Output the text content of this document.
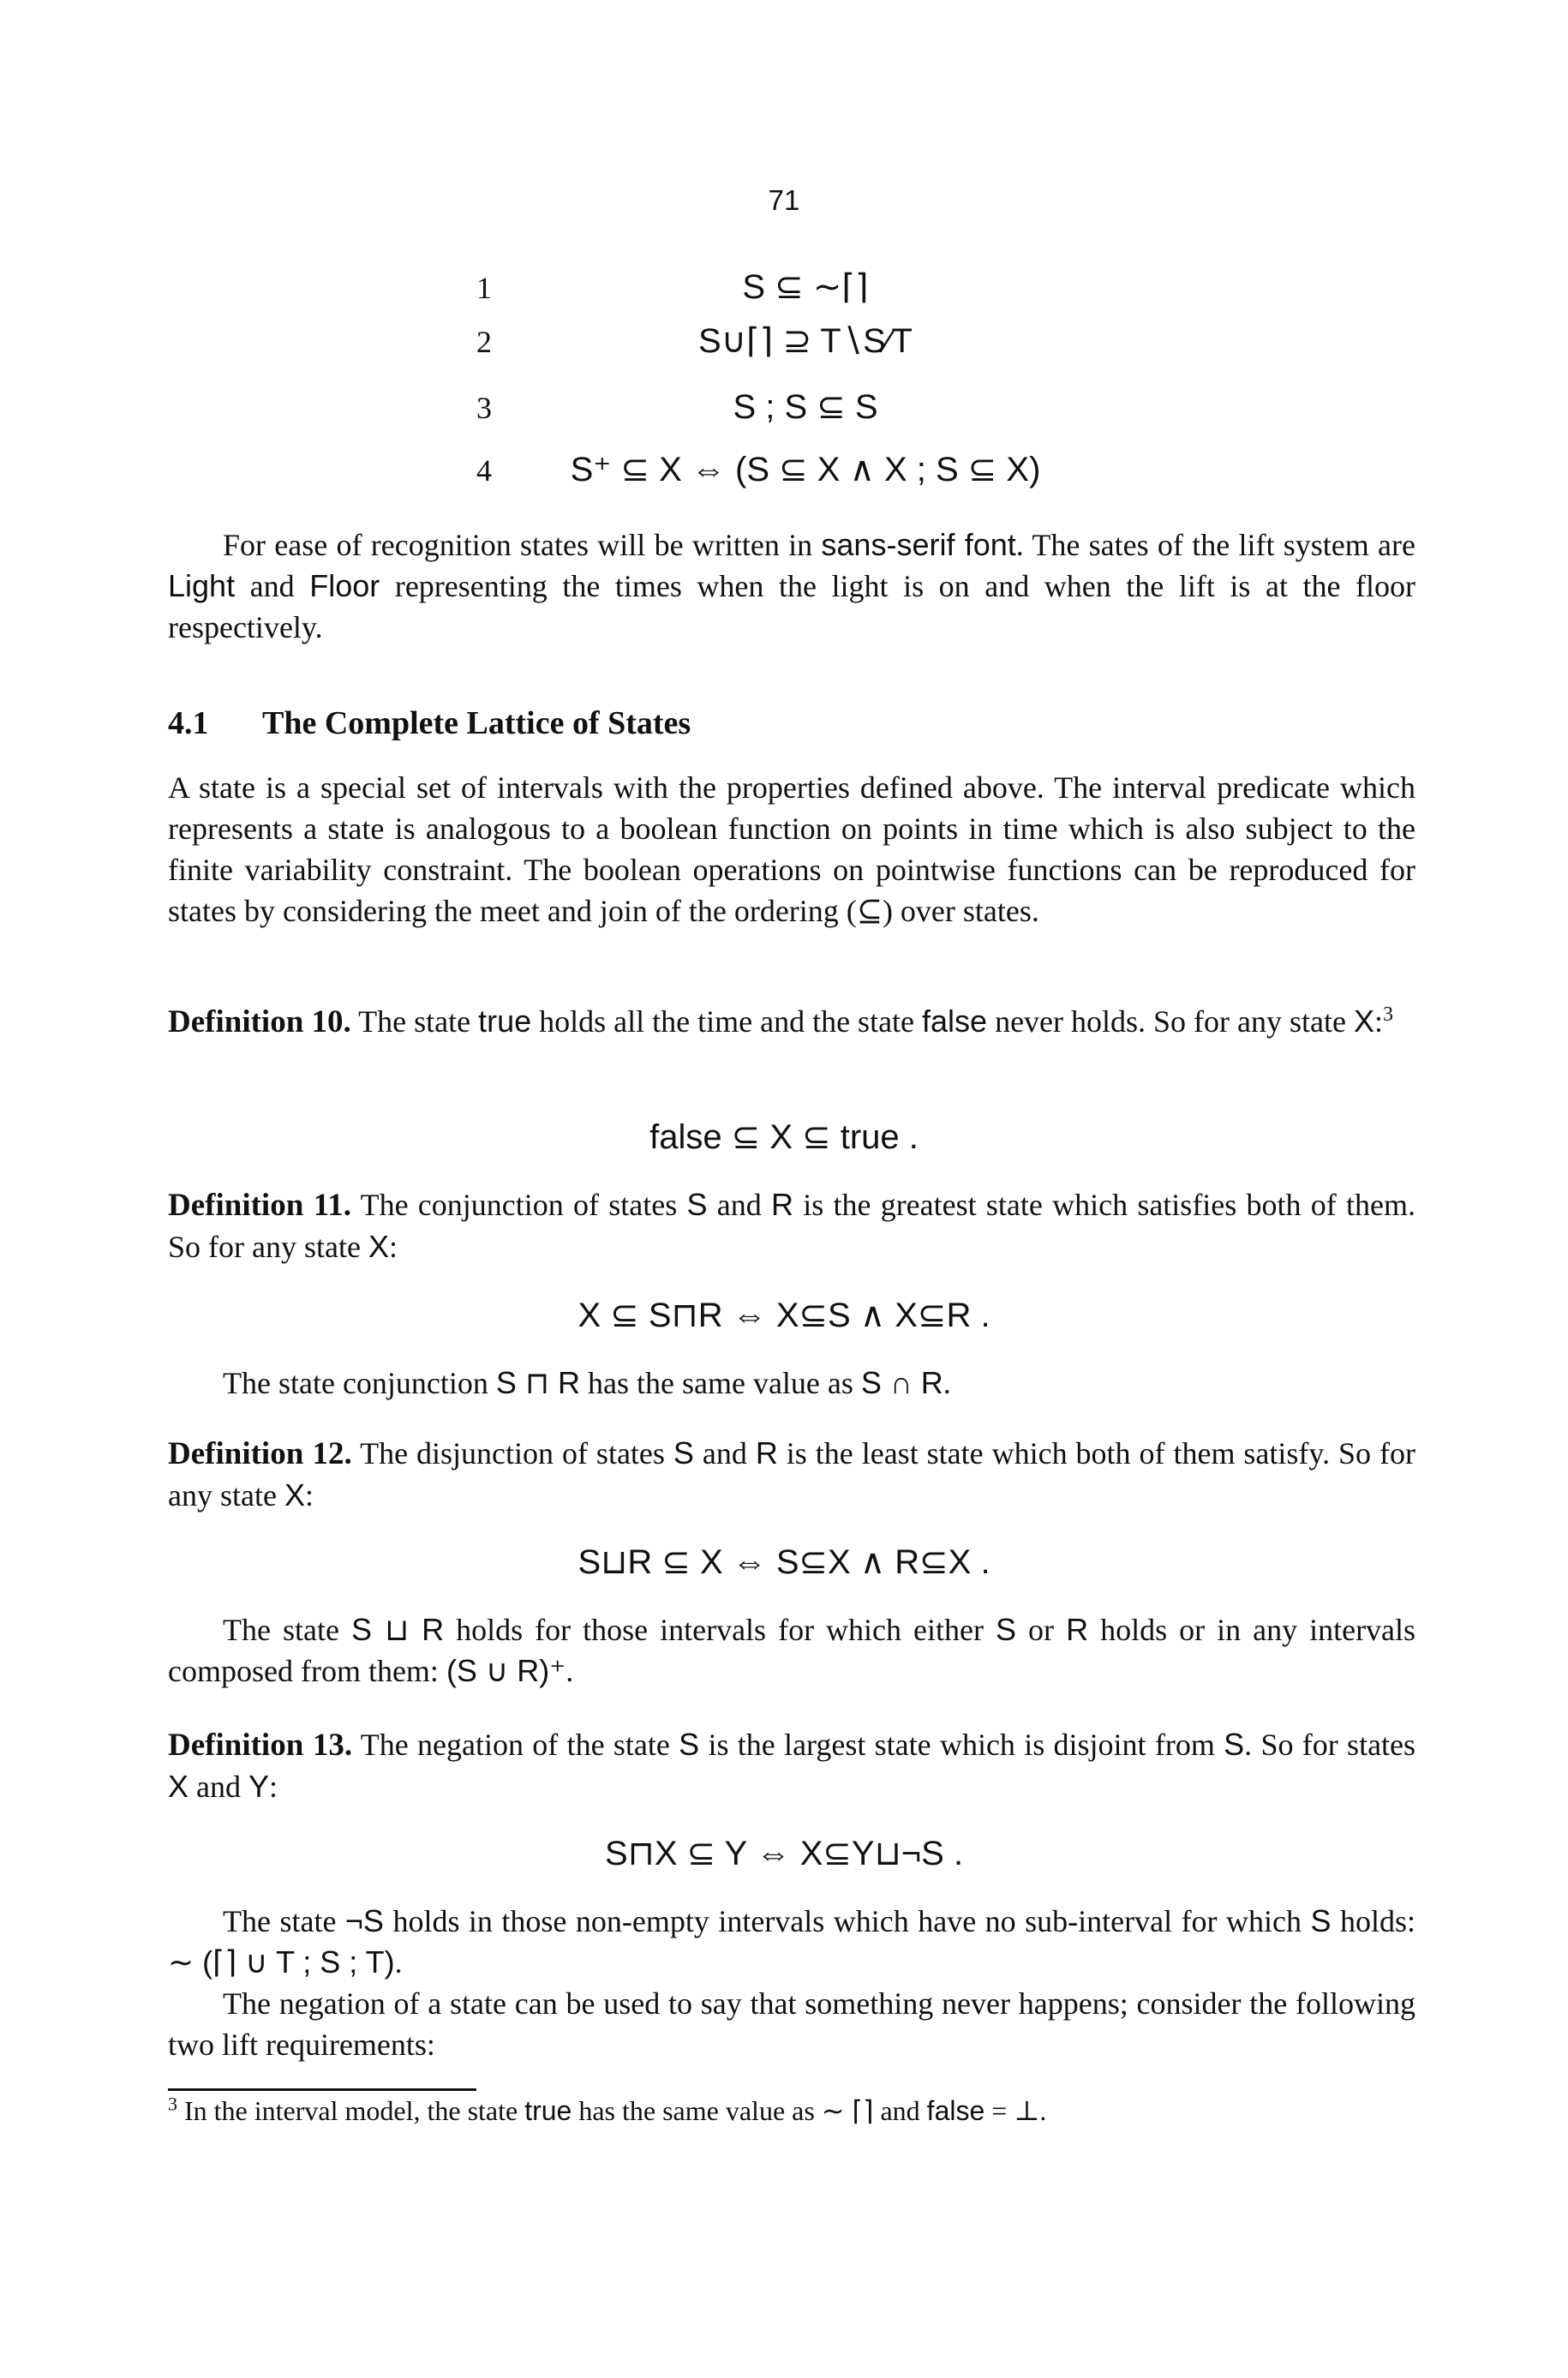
71
1	S ⊆ ∼⌈⌉
2	S∪⌈⌉ ⊇ T∖S∕T
3	S ; S ⊆ S
4	S⁺ ⊆ X ⇔ (S ⊆ X ∧ X ; S ⊆ X)
For ease of recognition states will be written in sans-serif font. The sates of the lift system are Light and Floor representing the times when the light is on and when the lift is at the floor respectively.
4.1 The Complete Lattice of States
A state is a special set of intervals with the properties defined above. The interval predicate which represents a state is analogous to a boolean function on points in time which is also subject to the finite variability constraint. The boolean operations on pointwise functions can be reproduced for states by considering the meet and join of the ordering (⊆) over states.
Definition 10. The state true holds all the time and the state false never holds. So for any state X:$^3$
false ⊆ X ⊆ true .
Definition 11. The conjunction of states S and R is the greatest state which satisfies both of them. So for any state X:
X ⊆ S⊓R ⇔ X⊆S ∧ X⊆R .
The state conjunction S ⊓ R has the same value as S ∩ R.
Definition 12. The disjunction of states S and R is the least state which both of them satisfy. So for any state X:
S⊔R ⊆ X ⇔ S⊆X ∧ R⊆X .
The state S ⊔ R holds for those intervals for which either S or R holds or in any intervals composed from them: (S ∪ R)⁺.
Definition 13. The negation of the state S is the largest state which is disjoint from S. So for states X and Y:
S⊓X ⊆ Y ⇔ X⊆Y⊔¬S .
The state ¬S holds in those non-empty intervals which have no sub-interval for which S holds: ∼ (⌈⌉ ∪ T ; S ; T).
The negation of a state can be used to say that something never happens; consider the following two lift requirements:
$^3$ In the interval model, the state true has the same value as ∼ ⌈⌉ and false = ⊥.
